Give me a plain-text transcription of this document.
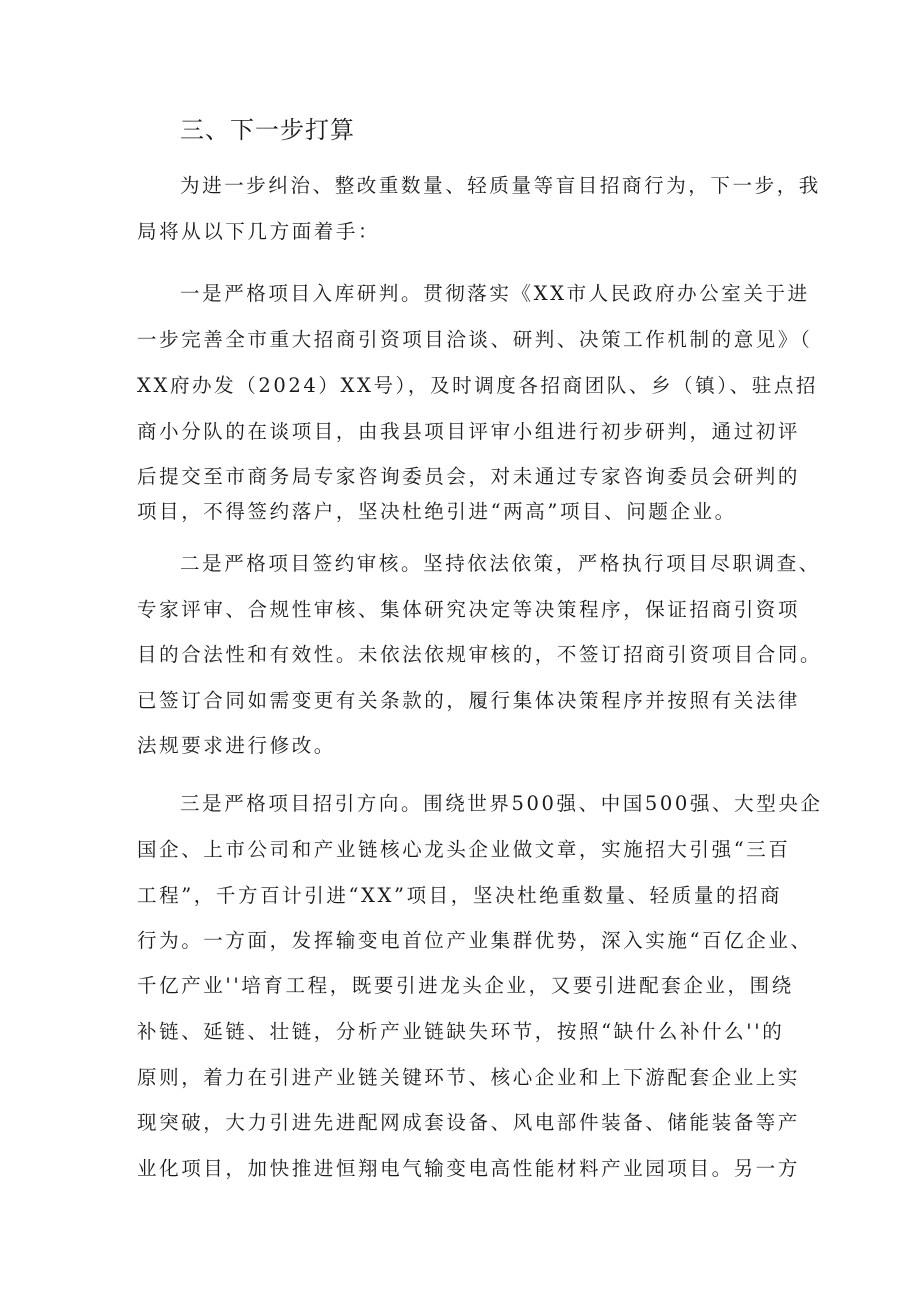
三、下一步打算
为进一步纠治、整改重数量、轻质量等盲目招商行为，下一步，我
局将从以下几方面着手：
一是严格项目入库研判。贯彻落实《XX市人民政府办公室关于进
一步完善全市重大招商引资项目洽谈、研判、决策工作机制的意见》（
XX府办发（2024）XX号），及时调度各招商团队、乡（镇）、驻点招
商小分队的在谈项目，由我县项目评审小组进行初步研判，通过初评
后提交至市商务局专家咨询委员会，对未通过专家咨询委员会研判的
项目，不得签约落户，坚决杜绝引进“两高”项目、问题企业。
二是严格项目签约审核。坚持依法依策，严格执行项目尽职调查、
专家评审、合规性审核、集体研究决定等决策程序，保证招商引资项
目的合法性和有效性。未依法依规审核的，不签订招商引资项目合同。
已签订合同如需变更有关条款的，履行集体决策程序并按照有关法律
法规要求进行修改。
三是严格项目招引方向。围绕世界500强、中国500强、大型央企
国企、上市公司和产业链核心龙头企业做文章，实施招大引强“三百
工程”，千方百计引进“XX”项目，坚决杜绝重数量、轻质量的招商
行为。一方面，发挥输变电首位产业集群优势，深入实施“百亿企业、
千亿产业''培育工程，既要引进龙头企业，又要引进配套企业，围绕
补链、延链、壮链，分析产业链缺失环节，按照“缺什么补什么''的
原则，着力在引进产业链关键环节、核心企业和上下游配套企业上实
现突破，大力引进先进配网成套设备、风电部件装备、储能装备等产
业化项目，加快推进恒翔电气输变电高性能材料产业园项目。另一方
